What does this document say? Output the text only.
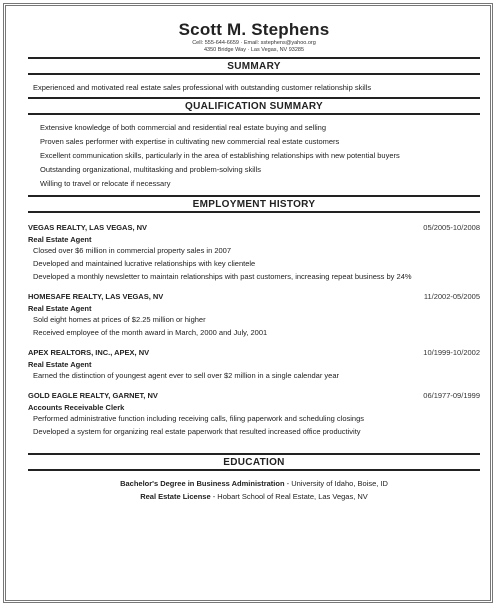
Scott M. Stephens
Cell: 555-644-6659 · Email: sstephens@yahoo.org
4350 Bridge Way · Las Vegas, NV 93285
SUMMARY
Experienced and motivated real estate sales professional with outstanding customer relationship skills
QUALIFICATION SUMMARY
Extensive knowledge of both commercial and residential real estate buying and selling
Proven sales performer with expertise in cultivating new commercial real estate customers
Excellent communication skills, particularly in the area of establishing relationships with new potential buyers
Outstanding organizational, multitasking and problem-solving skills
Willing to travel or relocate if necessary
EMPLOYMENT HISTORY
VEGAS REALTY, LAS VEGAS, NV	05/2005-10/2008
Real Estate Agent
Closed over $6 million in commercial property sales in 2007
Developed and maintained lucrative relationships with key clientele
Developed a monthly newsletter to maintain relationships with past customers, increasing repeat business by 24%
HOMESAFE REALTY, LAS VEGAS, NV	11/2002-05/2005
Real Estate Agent
Sold eight homes at prices of $2.25 million or higher
Received employee of the month award in March, 2000 and July, 2001
APEX REALTORS, INC., APEX, NV	10/1999-10/2002
Real Estate Agent
Earned the distinction of youngest agent ever to sell over $2 million in a single calendar year
GOLD EAGLE REALTY, GARNET, NV	06/1977-09/1999
Accounts Receivable Clerk
Performed administrative function including receiving calls, filing paperwork and scheduling closings
Developed a system for organizing real estate paperwork that resulted increased office productivity
EDUCATION
Bachelor's Degree in Business Administration - University of Idaho, Boise, ID
Real Estate License - Hobart School of Real Estate, Las Vegas, NV
